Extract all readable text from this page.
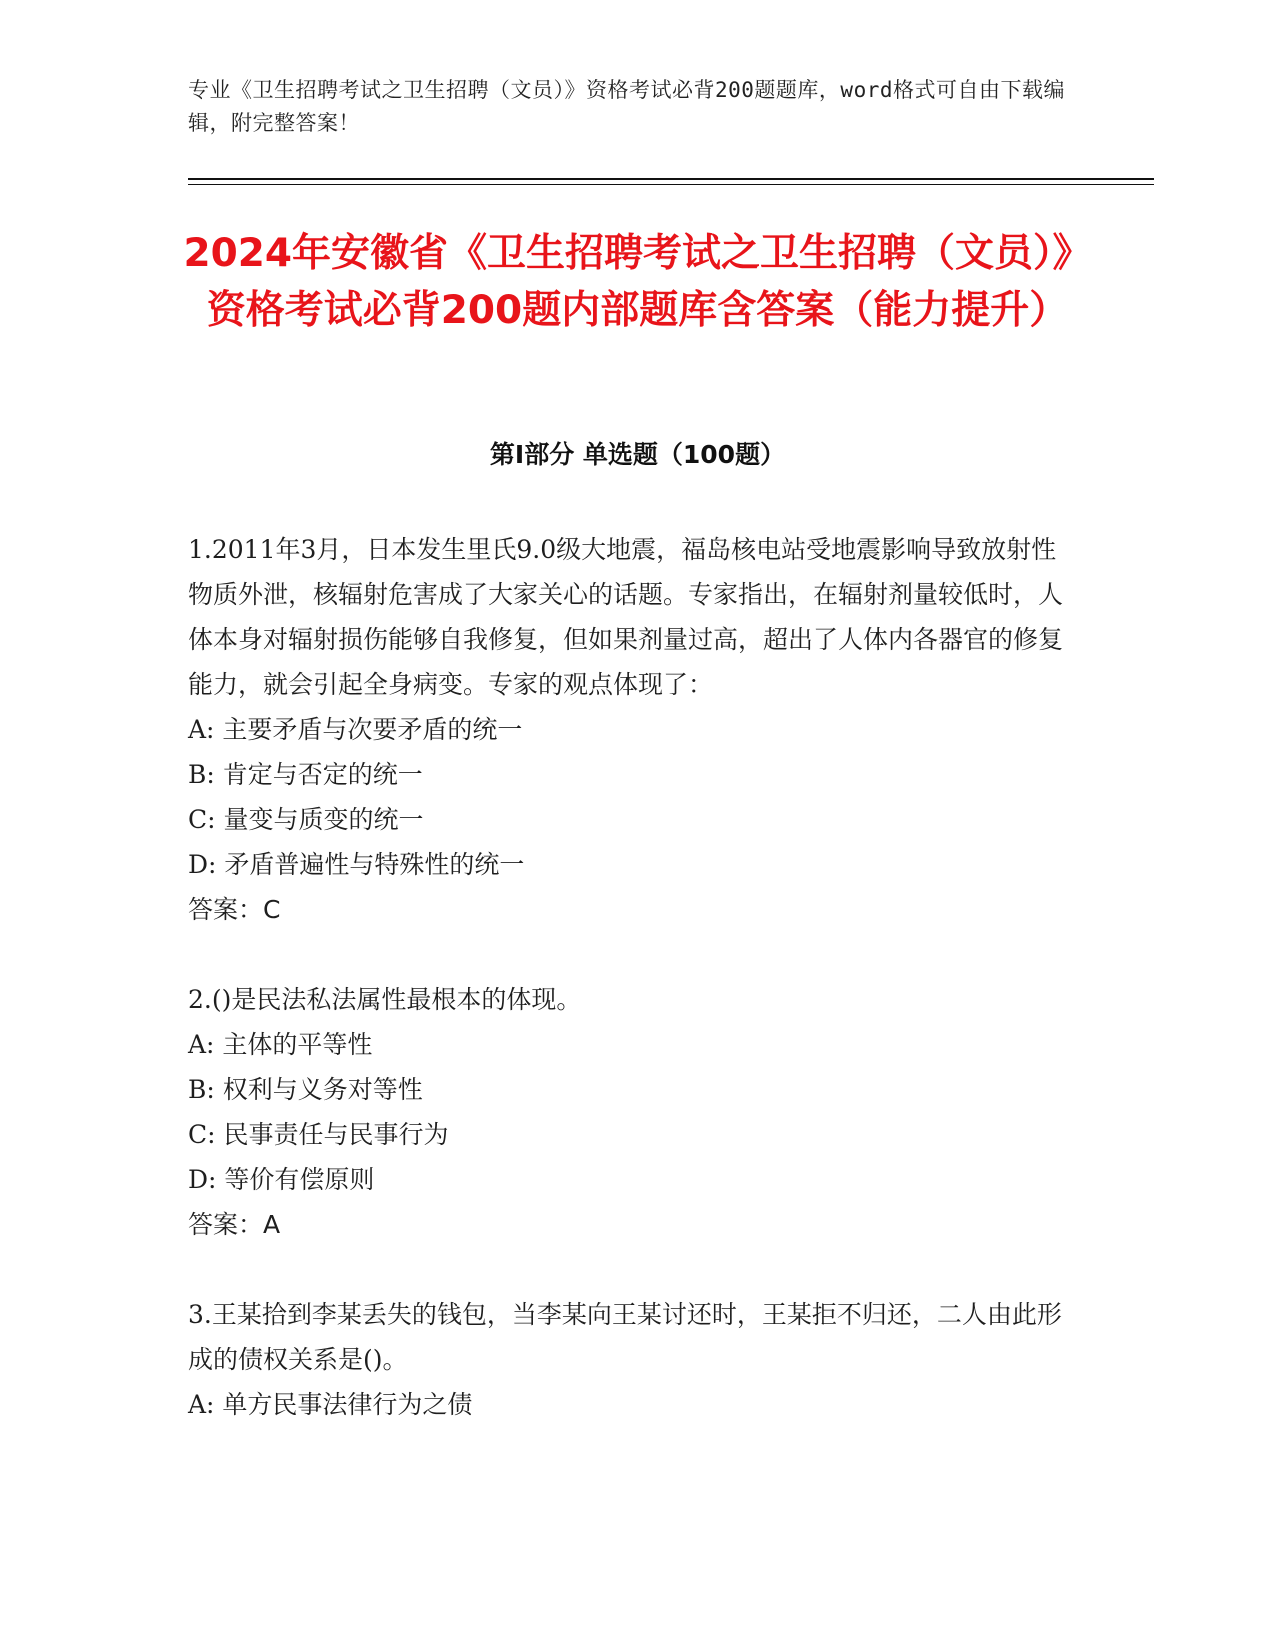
专业《卫生招聘考试之卫生招聘（文员）》资格考试必背200题题库，word格式可自由下载编辑，附完整答案！
2024年安徽省《卫生招聘考试之卫生招聘（文员）》资格考试必背200题内部题库含答案（能力提升）
第I部分 单选题（100题）

1.2011年3月，日本发生里氏9.0级大地震，福岛核电站受地震影响导致放射性物质外泄，核辐射危害成了大家关心的话题。专家指出，在辐射剂量较低时，人体本身对辐射损伤能够自我修复，但如果剂量过高，超出了人体内各器官的修复能力，就会引起全身病变。专家的观点体现了：

A: 主要矛盾与次要矛盾的统一

B: 肯定与否定的统一

C: 量变与质变的统一

D: 矛盾普遍性与特殊性的统一

答案：C

2.()是民法私法属性最根本的体现。

A: 主体的平等性

B: 权利与义务对等性

C: 民事责任与民事行为

D: 等价有偿原则

答案：A

3.王某拾到李某丢失的钱包，当李某向王某讨还时，王某拒不归还，二人由此形成的债权关系是()。

A: 单方民事法律行为之债
